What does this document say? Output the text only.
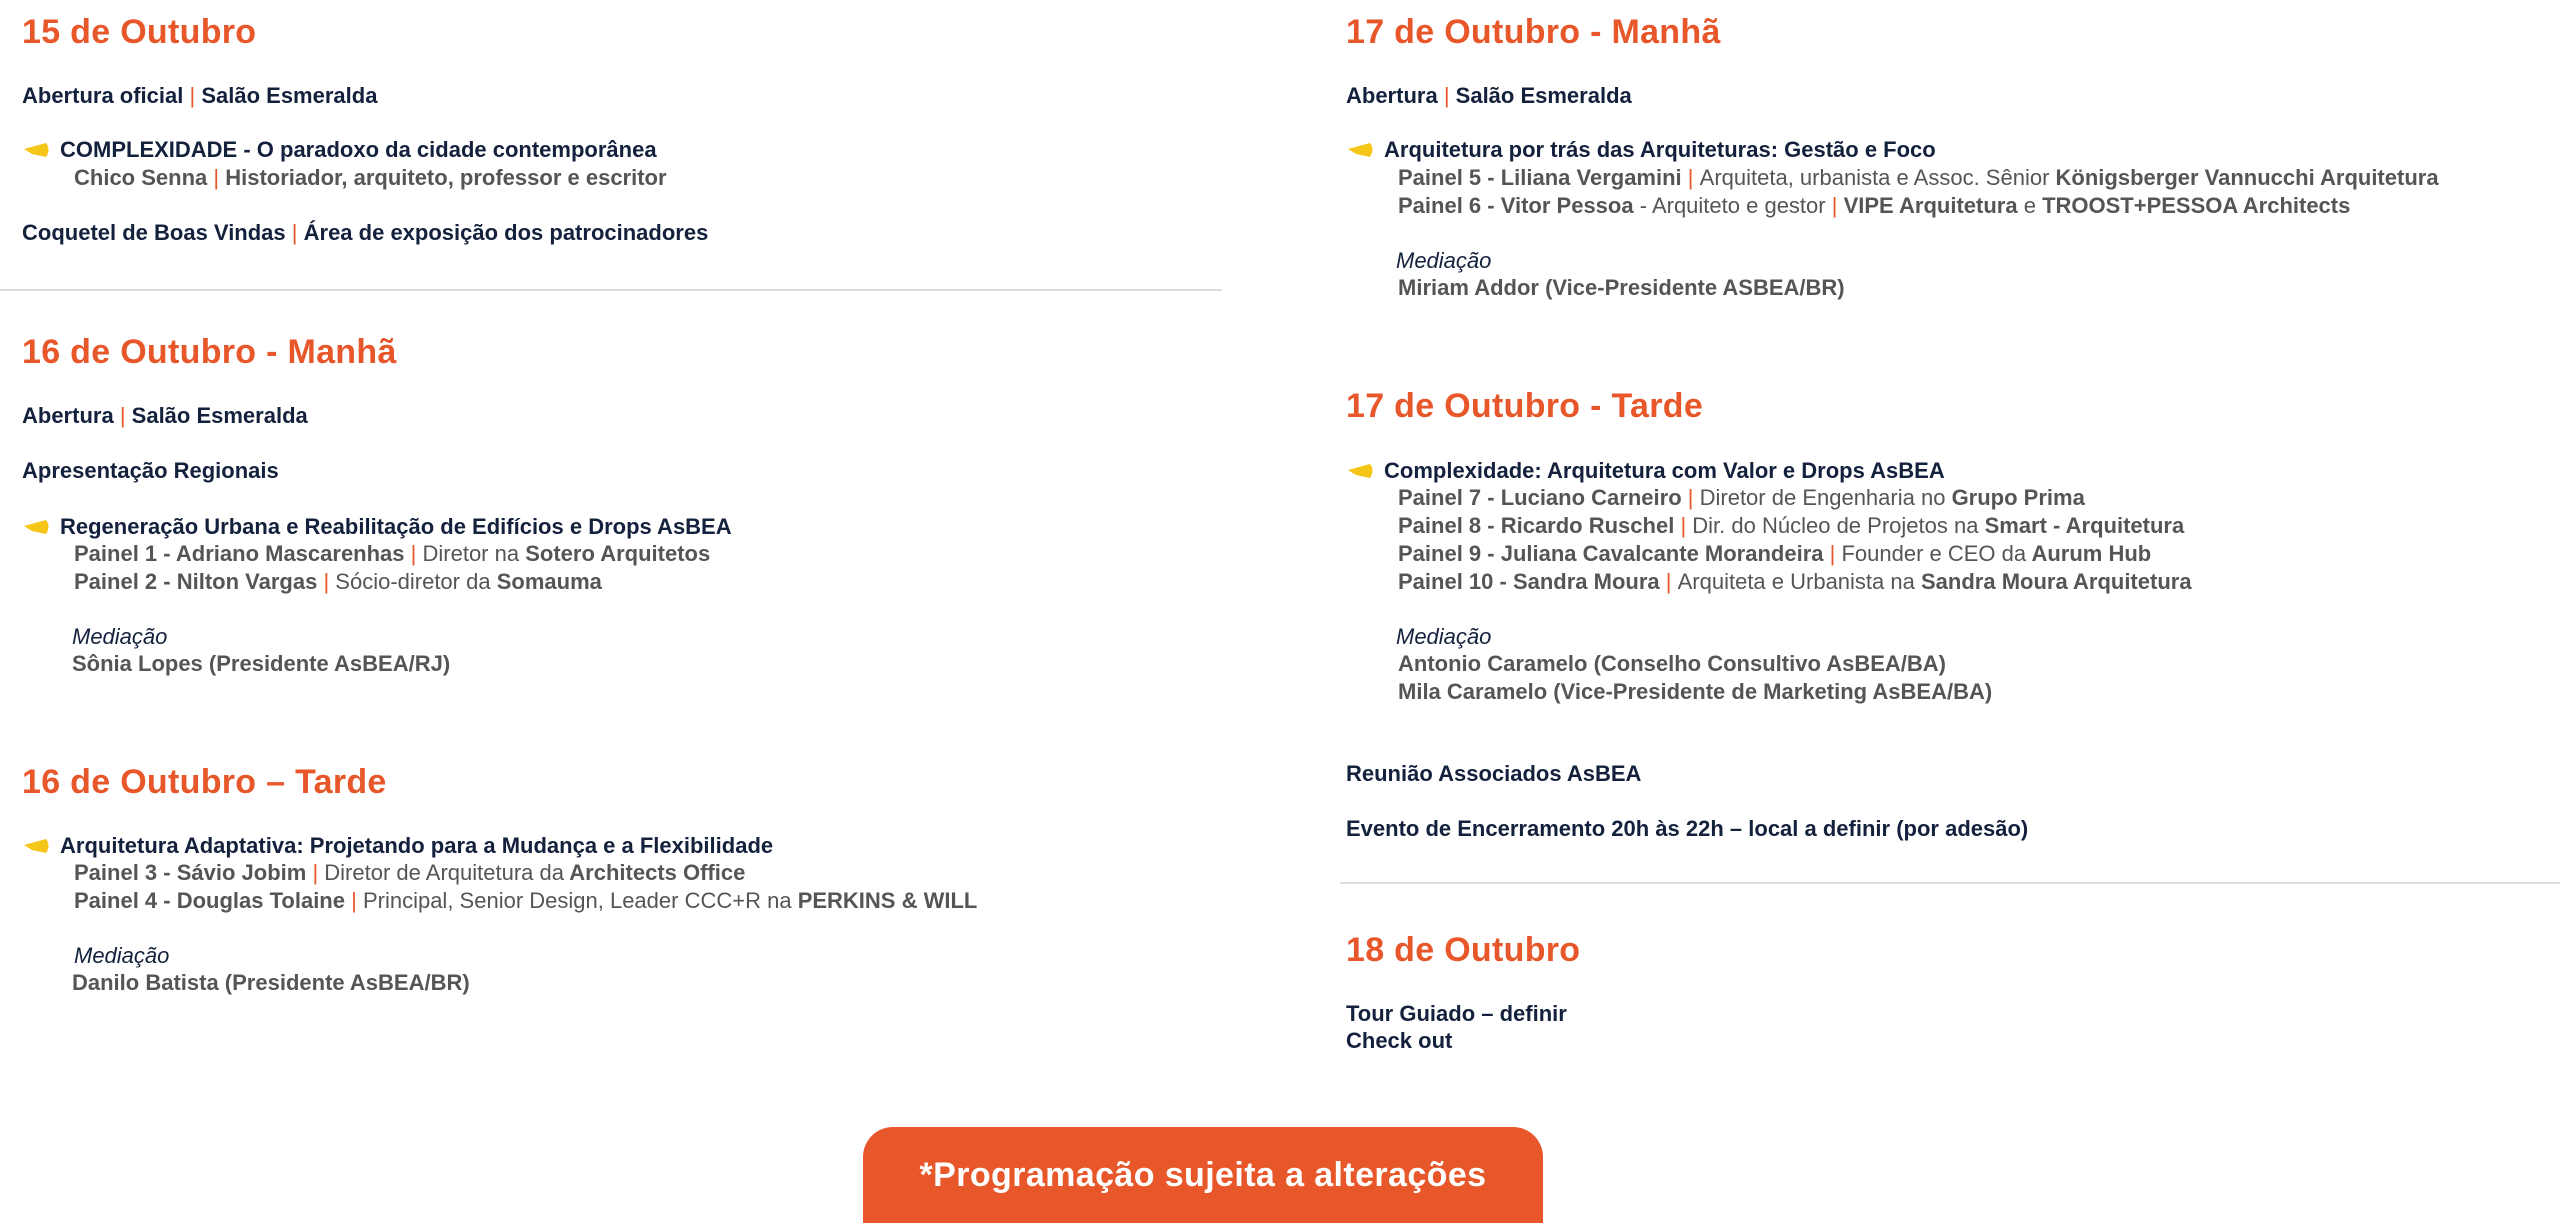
15 de Outubro
Abertura oficial | Salão Esmeralda
COMPLEXIDADE - O paradoxo da cidade contemporânea
Chico Senna | Historiador, arquiteto, professor e escritor
Coquetel de Boas Vindas | Área de exposição dos patrocinadores
16 de Outubro - Manhã
Abertura | Salão Esmeralda
Apresentação Regionais
Regeneração Urbana e Reabilitação de Edifícios e Drops AsBEA
Painel 1 - Adriano Mascarenhas | Diretor na Sotero Arquitetos
Painel 2 - Nilton Vargas | Sócio-diretor da Somauma
Mediação
Sônia Lopes (Presidente AsBEA/RJ)
16 de Outubro – Tarde
Arquitetura Adaptativa: Projetando para a Mudança e a Flexibilidade
Painel 3 - Sávio Jobim | Diretor de Arquitetura da Architects Office
Painel 4 - Douglas Tolaine | Principal, Senior Design, Leader CCC+R na PERKINS & WILL
Mediação
Danilo Batista (Presidente AsBEA/BR)
17 de Outubro - Manhã
Abertura | Salão Esmeralda
Arquitetura por trás das Arquiteturas: Gestão e Foco
Painel 5 - Liliana Vergamini | Arquiteta, urbanista e Assoc. Sênior Königsberger Vannucchi Arquitetura
Painel 6 - Vitor Pessoa - Arquiteto e gestor | VIPE Arquitetura e TROOST+PESSOA Architects
Mediação
Miriam Addor (Vice-Presidente ASBEA/BR)
17 de Outubro - Tarde
Complexidade: Arquitetura com Valor e Drops AsBEA
Painel 7 - Luciano Carneiro | Diretor de Engenharia no Grupo Prima
Painel 8 - Ricardo Ruschel | Dir. do Núcleo de Projetos na Smart - Arquitetura
Painel 9 - Juliana Cavalcante Morandeira | Founder e CEO da Aurum Hub
Painel 10 - Sandra Moura | Arquiteta e Urbanista na Sandra Moura Arquitetura
Mediação
Antonio Caramelo (Conselho Consultivo AsBEA/BA)
Mila Caramelo (Vice-Presidente de Marketing AsBEA/BA)
Reunião Associados AsBEA
Evento de Encerramento 20h às 22h – local a definir (por adesão)
18 de Outubro
Tour Guiado – definir
Check out
*Programação sujeita a alterações
